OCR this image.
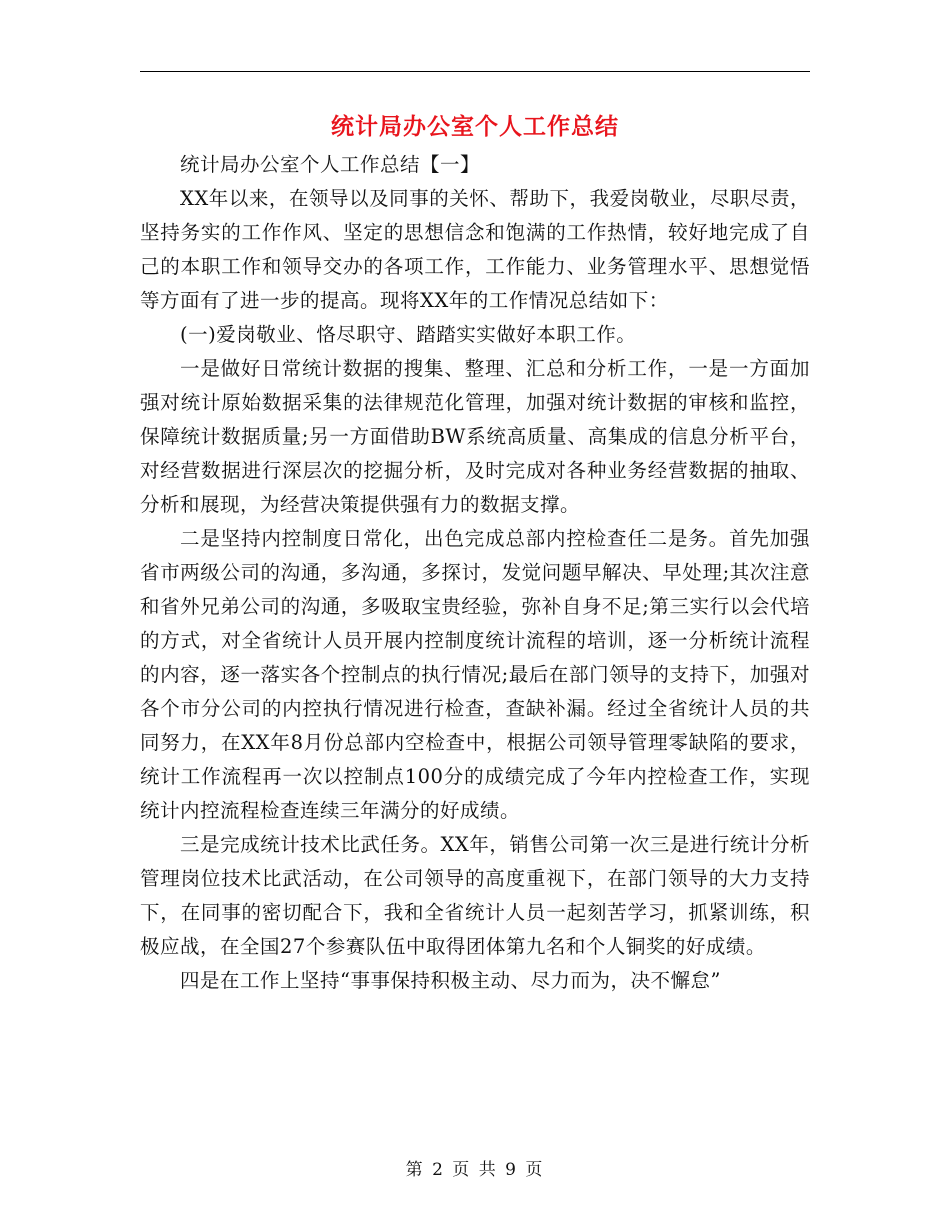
统计局办公室个人工作总结

统计局办公室个人工作总结【一】

XX年以来，在领导以及同事的关怀、帮助下，我爱岗敬业，尽职尽责，坚持务实的工作作风、坚定的思想信念和饱满的工作热情，较好地完成了自己的本职工作和领导交办的各项工作，工作能力、业务管理水平、思想觉悟等方面有了进一步的提高。现将XX年的工作情况总结如下：

(一)爱岗敬业、恪尽职守、踏踏实实做好本职工作。

一是做好日常统计数据的搜集、整理、汇总和分析工作，一是一方面加强对统计原始数据采集的法律规范化管理，加强对统计数据的审核和监控，保障统计数据质量;另一方面借助BW系统高质量、高集成的信息分析平台，对经营数据进行深层次的挖掘分析，及时完成对各种业务经营数据的抽取、分析和展现，为经营决策提供强有力的数据支撑。

二是坚持内控制度日常化，出色完成总部内控检查任二是务。首先加强省市两级公司的沟通，多沟通，多探讨，发觉问题早解决、早处理;其次注意和省外兄弟公司的沟通，多吸取宝贵经验，弥补自身不足;第三实行以会代培的方式，对全省统计人员开展内控制度统计流程的培训，逐一分析统计流程的内容，逐一落实各个控制点的执行情况;最后在部门领导的支持下，加强对各个市分公司的内控执行情况进行检查，查缺补漏。经过全省统计人员的共同努力，在XX年8月份总部内空检查中，根据公司领导管理零缺陷的要求，统计工作流程再一次以控制点100分的成绩完成了今年内控检查工作，实现统计内控流程检查连续三年满分的好成绩。

三是完成统计技术比武任务。XX年，销售公司第一次三是进行统计分析管理岗位技术比武活动，在公司领导的高度重视下，在部门领导的大力支持下，在同事的密切配合下，我和全省统计人员一起刻苦学习，抓紧训练，积极应战，在全国27个参赛队伍中取得团体第九名和个人铜奖的好成绩。

四是在工作上坚持“事事保持积极主动、尽力而为，决不懈怠”

第 2 页 共 9 页
